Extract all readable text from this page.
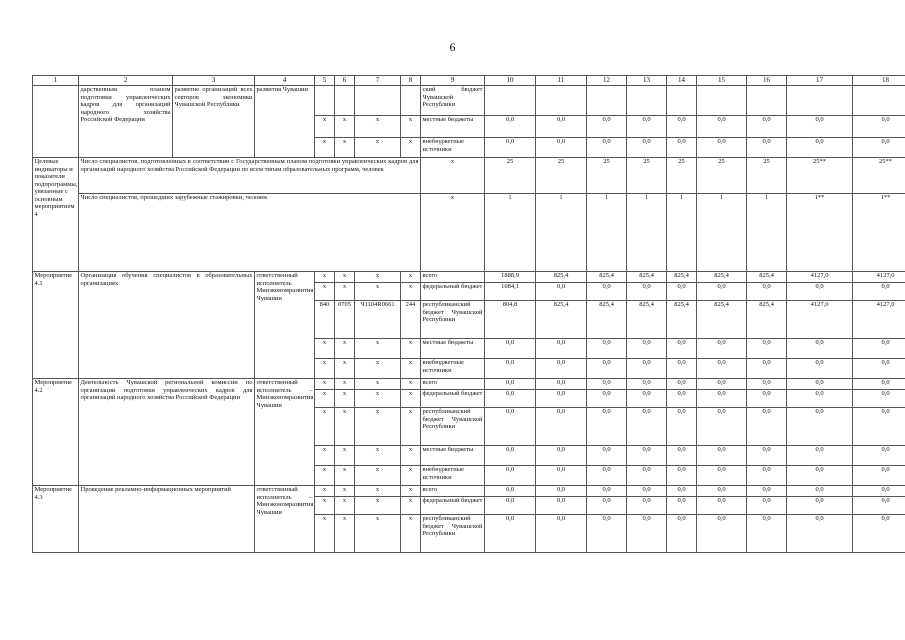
6
1	2	3	4	5	6	7	8	9	10	11	12	13	14	15	16	17	18
	дарственным планом подготовки управленческих кадров для организаций народного хозяйства Российской Федерации	развитие организаций всех секторов экономики Чувашской Республики	развития Чувашии					ский бюджет Чувашской Республики									
				x	x	x	x	местные бюджеты	0,0	0,0	0,0	0,0	0,0	0,0	0,0	0,0	0,0
				x	x	x	x	внебюджетные источники	0,0	0,0	0,0	0,0	0,0	0,0	0,0	0,0	0,0
Целевые индикаторы и показатели подпрограммы, увязанные с основным мероприятием 4	Число специалистов, подготовленных в соответствии с Государственным планом подготовки управленческих кадров для организаций народного хозяйства Российской Федерации по всем типам образовательных программ, человек							x	25	25	25	25	25	25	25	25**	25**
	Число специалистов, прошедших зарубежные стажировки, человек							x	1	1	1	1	1	1	1	1**	1**
Мероприятие 4.1	Организация обучения специалистов в образовательных организациях		ответственный исполнитель Минэкономразвития Чувашии	x	x	x	x	всего	1888,9	825,4	825,4	825,4	825,4	825,4	825,4	4127,0	4127,0
				x	x	x	x	федеральный бюджет	1084,1	0,0	0,0	0,0	0,0	0,0	0,0	0,0	0,0
				840	0705	Ч1104R0661	244	республиканский бюджет Чувашской Республики	804,8	825,4	825,4	825,4	825,4	825,4	825,4	4127,0	4127,0
				x	x	x	x	местные бюджеты	0,0	0,0	0,0	0,0	0,0	0,0	0,0	0,0	0,0
				x	x	x	x	внебюджетные источники	0,0	0,0	0,0	0,0	0,0	0,0	0,0	0,0	0,0
Мероприятие 4.2	Деятельность Чувашской региональной комиссии по организации подготовки управленческих кадров для организаций народного хозяйства Российской Федерации		ответственный исполнитель – Минэкономразвития Чувашии	x	x	x	x	всего	0,0	0,0	0,0	0,0	0,0	0,0	0,0	0,0	0,0
				x	x	x	x	федеральный бюджет	0,0	0,0	0,0	0,0	0,0	0,0	0,0	0,0	0,0
				x	x	x	x	республиканский бюджет Чувашской Республики	0,0	0,0	0,0	0,0	0,0	0,0	0,0	0,0	0,0
				x	x	x	x	местные бюджеты	0,0	0,0	0,0	0,0	0,0	0,0	0,0	0,0	0,0
				x	x	x	x	внебюджетные источники	0,0	0,0	0,0	0,0	0,0	0,0	0,0	0,0	0,0
Мероприятие 4.3	Проведение рекламно-информационных мероприятий		ответственный исполнитель – Минэкономразвития Чувашии	x	x	x	x	всего	0,0	0,0	0,0	0,0	0,0	0,0	0,0	0,0	0,0
				x	x	x	x	федеральный бюджет	0,0	0,0	0,0	0,0	0,0	0,0	0,0	0,0	0,0
				x	x	x	x	республиканский бюджет Чувашской Республики	0,0	0,0	0,0	0,0	0,0	0,0	0,0	0,0	0,0
